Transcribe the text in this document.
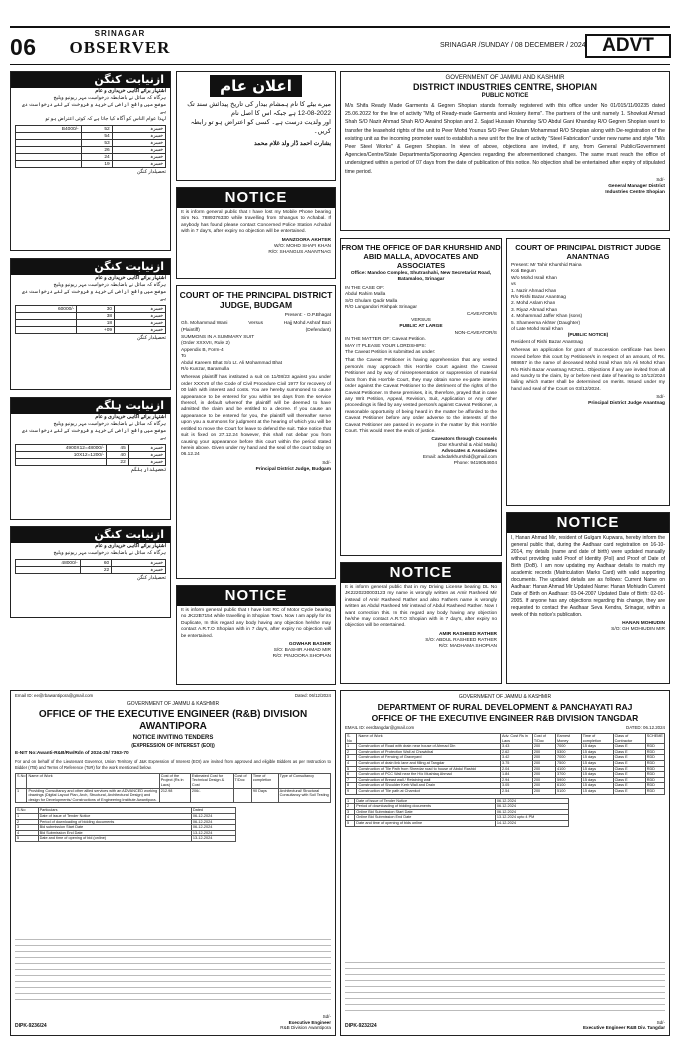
06
SRINAGAR
OBSERVER	SRINAGAR /SUNDAY / 08 DECEMBER / 2024 ADVT
ازنیابت کنگن
اشتہار برائے آگاہی خریداری و عام
ہرگاہ کہ سائل نے باضابطہ درخواست مہر ریونیو ویلیج
موضع میں واقع اراضی کی خرید و فروخت کے لئے درخواست دی ہے
لہذا عوام الناس کو آگاہ کیا جاتا ہے کہ کوئی اعتراض ہو تو
B4000/-	52	خسرہ
	54	خسرہ
	53	خسرہ
	26	خسرہ
	24	خسرہ
	19	خسرہ
تحصیلدار کنگن
ازنیابت کنگن
اشتہار برائے آگاہی خریداری و عام
ہرگاہ کہ سائل نے باضابطہ درخواست مہر ریونیو ویلیج
موضع میں واقع اراضی کی خرید و فروخت کے لئے درخواست دی ہے
60000/-	30	خسرہ
	38	خسرہ
	18	خسرہ
	+09	خسرہ
تحصیلدار کنگن
ازنیابت ہلگم
اشتہار برائے آگاہی خریداری و عام
ہرگاہ کہ سائل نے باضابطہ درخواست مہر ریونیو ویلیج
موضع میں واقع اراضی کی خرید و فروخت کے لئے درخواست دی ہے
4900X12=48000/-	45	خسرہ
10X12=1200/-	40	خسرہ
	22	خسرہ
تحصیلدار ہلگم
ازنیابت کنگن
اشتہار برائے آگاہی خریداری و عام
ہرگاہ کہ سائل نے باضابطہ درخواست مہر ریونیو ویلیج
48000/-	60	خسرہ
	22	خسرہ
تحصیلدار کنگن
اعلان عام
میرے بیٹے کا نام ہمشام بیدار کی تاریخ پیدائش سند تک
12-08-2022 ہے جبکہ اس کا اصل نام
اور ولدیت درست ہے۔ کسی کو اعتراض ہو تو رابطہ کریں۔
بشارت احمد ڈار ولد غلام محمد
NOTICE
It is inform general public that I have lost my Mobile Phone bearing Sim No. 7889376330 while travelling from Shangus to Achabal. If anybody has found please contact Concerned Police Station Achabal with in 7 day's, after expiry no objection will be entertained.
MANZOORA AKHTER
W/O: MOHD SHAFI KHAN
R/O: SHANGUS ANANTNAG
COURT OF THE PRINCIPAL DISTRICT JUDGE, BUDGAM
Present: - O.P.Bhagat
Gh. Mohammad Wani	Versus	Hajj Mohd Ashraf Bazi
(Plaintiff)	(Defendant)
SUMMONS IN A SUMMARY SUIT
(Order XXXVII, Rule 2)
Appendix B, Form-4
To
Abdul Kareem Bhat S/o Lt. Ali Mohammad Bhat
R/o Kunzar, Baramulla
Whereas plaintiff has instituted a suit on 11/08/23 against you under order XXXVII of the Code of Civil Procedure Civil 1977 for recovery of 00 lakh with interest and costs. You are hereby summoned to cause appearance to be entered for you within ten days from the service thereof, in default whereof the plaintiff will be deemed to have admitted the claim and be entitled to a decree. If you cause an appearance to be entered for you, the plaintiff will thereafter serve upon you a summons for judgment at the hearing of which you will be entitled to move the Court for leave to defend the suit. Take notice that suit is fixed on 27.12.24 however, this shall not debar you from causing your appearance before this court within the period stated herein above. Given under my hand and the seal of the court today on 06.12.24
Sd/-
Principal District Judge, Budgam
NOTICE
It is inform general public that I have lost RC of Motor Cycle bearing no JK22B7154 while travelling in Shopian Town. Now I am apply for its Duplicate, In this regard any body having any objection he/she may contact A.R.T.O Shopian with in 7 day's, after expiry no objection will be entertained.
GOWHAR BASHIR
S/O: BASHIR AHMAD MIR
R/O: PINJOORA SHOPIAN
GOVERNMENT OF JAMMU AND KASHMIR
DISTRICT INDUSTRIES CENTRE, SHOPIAN
PUBLIC NOTICE
M/s Shifa Ready Made Garments & Gegren Shopian stands formally registered with this office under No 01/015/11/00235 dated 25.06.2022 for the line of activity "Mfg of Ready-made Garments and Hosiery items". The partners of the unit namely 1. Showkat Ahmad Shah S/O Nazir Ahmad Shah R/O Awaind Shopian and 2. Sajad Hussain Khanday S/O Abdul Gani Khanday R/O Gegren Shopian want to transfer the leasehold rights of the unit to Peer Mohd Younus S/O Peer Ghulam Mohammad R/O Shopian along with De-registration of the existing unit as the incoming promoter want to establish a new unit for the line of activity "Steel Fabrication" under new name and style "M/s Peer Steel Works" & Gegren Shopian. In view of above, objections are invited, if any, from General Public/Government Agencies/Centre/State Departments/Sponsoring Agencies regarding the aforementioned changes. The same must reach the office of undersigned within a period of 07 days from the date of publication of this notice. No objection shall be entertained after expiry of stipulated time period.
Sd/-
General Manager District
Industries Centre Shopian
FROM THE OFFICE OF DAR KHURSHID AND ABID MALLA, ADVOCATES AND ASSOCIATES
Office: Mandoo Complex, Shutrashahi, New Secretariat Road, Batamaloo, Srinagar
IN THE CASE OF:
Abdul Rahim Malla
S/O Ghulam Qadir Malla
R/O Langandori Rishpak Srinagar
CAVEATOR/S
VERSUS
PUBLIC AT LARGE
NON-CAVEATOR/S
IN THE MATTER OF: Caveat Petition.
MAY IT PLEASE YOUR LORDSHIPS:
The Caveat Petition is submitted as under:
That the Caveat Petitioner is having apprehension that any vested person/s may approach this Hon'ble Court against the Caveat Petitioner and by way of misrepresentation or suppression of material facts from this Hon'ble Court, they may obtain some ex-parte interim order against the Caveat Petitioner to the detriment of the rights of the Caveat Petitioner. In these premises, it is, therefore, prayed that in case any Writ Petition, Appeal, Revision, Suit, Application or Any other proceedings is filed by any vested person/s against Caveat Petitioner, a reasonable opportunity of being heard in the matter be afforded to the Caveat Petitioner before any order adverse to the interests of the Caveat Petitioner are passed in ex-parte in the matter by this Hon'ble Court. This would meet the ends of justice.
Caveators through Counsels
(Dar Khurshid & Abid Malla)
Advocates & Associates
Email: advdarkhurshid@gmail.com
Phone: 9419054604
COURT OF PRINCIPAL DISTRICT JUDGE ANANTNAG
Present: Mr Tahir Khurshid Raina
Koti Begum
W/o Mohd Israil Khan
vs
1. Nazir Ahmad Khan
R/o Rishi Bazar Anantnag
2. Mohd Aslam Khan
3. Riyaz Ahmad Khan
4. Mohammad Jaffer Khan (sons)
5. Shameema Akhter (Daughter)
of Late Mohd Israil Khan
(PUBLIC NOTICE)
Resident of Rishi Bazar Anantnag
Whereas an application for grant of Succession certificate has been moved before this court by Petitioner/s in respect of an amount, of Rs. 988657 in the name of deceased Mohd Israil Khan S/o Ali Mohd Khan R/o Rishi Bazar Anantnag NCNCL. Objections if any are invited from all and sundry to the claim, by or before next date of hearing to 10/12/2024 failing which matter shall be determined on merits. Issued under my hand and seal of the Court on 03/12/2024.
Sd/-
Principal District Judge Anantnag
NOTICE
It is inform general public that in my Driving License bearing DL No JK2220230003123 my name is wrongly written as Amir Rasheed Mir instead of Amir Rasheed Rather and also Fathers name is wrongly written as Abdul Rasheed Mir instead of Abdul Rasheed Rather. Now I want correction this. In this regard any body having any objection he/she may contact A.R.T.O Shopian with in 7 day's, after expiry no objection will be entertained.
AMIR RASHEED RATHER
S/O: ABDUL RASHEED RATHER
R/O: MADHAMA SHOPIAN
NOTICE
I, Hanan Ahmad Mir, resident of Gulgam Kupwara, hereby inform the general public that, during the Aadhaar card registration on 16-10-2014, my details (name and date of birth) were updated manually without providing valid Proof of Identity (PoI) and Proof of Date of Birth (DoB). I am now updating my Aadhaar details to match my academic records (Matriculation Marks Card) with valid supporting documents. The updated details are as follows: Current Name on Aadhaar: Hanan Ahmad Mir Updated Name: Hanan Mohiudin Current Date of Birth on Aadhaar: 03-04-2007 Updated Date of Birth: 02-01-2005. If anyone has any objections regarding this change, they are requested to contact the Aadhaar Seva Kendra, Srinagar, within a week of this notice's publication.
HANAN MOHIUDIN
S/O: GH MOHIUDIN MIR
Email ID: ee@rbawantipora@gmail.com	Dated: 06/12/2024
GOVERNMENT OF JAMMU & KASHMIR
OFFICE OF THE EXECUTIVE ENGINEER (R&B) DIVISION AWANTIPORA
NOTICE INVITING TENDERS
(EXPRESSION OF INTEREST (EOI))
E-NIT No:Awanti-R&B/Rw/Rdn of 2024-25/ 7363-70
For and on behalf of the Lieutenant Governor, Union Territory of J&K Expression of Interest (EOI) are invited from approved and eligible Bidders as per Instruction to Bidder (ITB) and Terms of Reference (ToR) for the work mentioned below.
S.No	Name of Work	Cost of the Project (Rs in Lacs)	Estimated Cost for Technical Design & Cost	Cost of T/Doc	Time of completion	Type of Consultancy
1	Providing Consultancy and other allied services with an ADVANCED working drawings (Digital Layout Plan, Arch, Structural, Architectural Design) and design for Developments/ Constructions of Engineering Institute Awantipora.	212.98	206/-		90 Days	Architectural/ Structural Consultancy with Soil Testing
S.No	Particulars	Dated
1	Date of issue of Tender Notice	06-12-2024
2	Period of downloading of bidding documents	06-12-2024
3	Bid submission Start Date	06-12-2024
4	Bid Submission End Date	13-12-2024
5	Date and time of opening of bid (online)	13-12-2024
DIPK-9236/24
Sd/-
Executive Engineer
R&B Division Awantipora
GOVERNMENT OF JAMMU & KASHMIR
DEPARTMENT OF RURAL DEVELOPMENT & PANCHAYATI RAJ
OFFICE OF THE EXECUTIVE ENGINEER R&B DIVISION TANGDAR
EMAIL ID: eerdtangdar@gmail.com	DATED: 06.12.2024
S. No	Name of Work	Adv. Cost Rs in Lacs	Cost of T/Doc	Earnest Money	Time of completion	Class of Contractor	SCHEME
1	Construction of Road with drain near house of Ahmad Din	3.43	200	7000	15 days	Class E	RDD
2	Construction of Protection Wall at Chowkibal	2.62	200	5300	15 days	Class E	RDD
3	Construction of Fencing of Graveyard	3.42	200	7000	15 days	Class E	RDD
4	Construction of drain link lane and filling at Tangdar	3.75	200	7500	15 days	Class E	RDD
5	Construction of Tile Path from Sheedar road to house of Abdul Rashid	2.04	200	4100	15 days	Class E	RDD
6	Construction of PCC Wall near the H/o Mushtaq Ahmad	1.84	200	3700	15 days	Class E	RDD
7	Construction of Breast wall / Retaining wall	2.94	200	5900	15 days	Class E	RDD
8	Construction of Shoulder Kerb Wall and Drain	3.05	200	6100	15 days	Class E	RDD
9	Construction of Tile path at Chamkot	2.54	200	5100	15 days	Class E	RDD
1	Date of issue of Tender Notice	06.12.2024
2	Period of downloading of bidding documents	06.12.2024
3	Online Bid Submission Start Date	06.12.2024
4	Online Bid Submission End Date	13.12.2024 upto 4 PM
5	Date and time of opening of bids online	14.12.2024
DIPK-9232/24
Sd/-
Executive Engineer R&B Div. Tangdar
